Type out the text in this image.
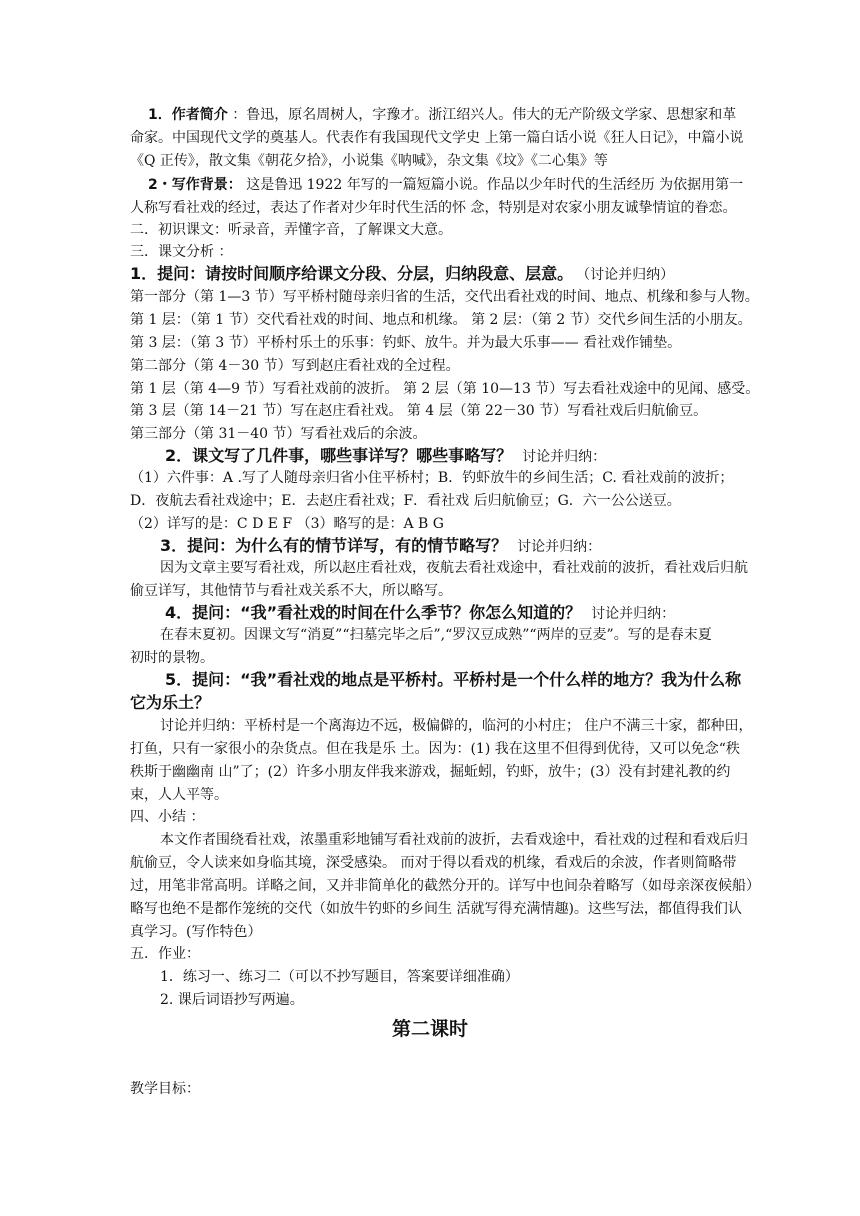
1．作者简介 ：鲁迅，原名周树人，字豫才。浙江绍兴人。伟大的无产阶级文学家、思想家和革
命家。中国现代文学的奠基人。代表作有我国现代文学史 上第一篇白话小说《狂人日记》，中篇小说
《Q 正传》，散文集《朝花夕拾》，小说集《呐喊》，杂文集《坟》《二心集》等
2・写作背景： 这是鲁迅 1922 年写的一篇短篇小说。作品以少年时代的生活经历 为依据用第一
人称写看社戏的经过，表达了作者对少年时代生活的怀 念，特别是对农家小朋友诚挚情谊的眷恋。
二．初识课文：听录音，弄懂字音，了解课文大意。
三．课文分析 ：
1．提问：请按时间顺序给课文分段、分层，归纳段意、层意。 （讨论并归纳）
第一部分（第 1—3 节）写平桥村随母亲归省的生活，交代出看社戏的时间、地点、机缘和参与人物。
第 1 层：（第 1 节）交代看社戏的时间、地点和机缘。 第 2 层：（第 2 节）交代乡间生活的小朋友。
第 3 层：（第 3 节）平桥村乐土的乐事：钓虾、放牛。并为最大乐事—— 看社戏作铺垫。
第二部分（第 4－30 节）写到赵庄看社戏的全过程。
第 1 层（第 4—9 节）写看社戏前的波折。 第 2 层（第 10—13 节）写去看社戏途中的见闻、感受。
第 3 层（第 14－21 节）写在赵庄看社戏。 第 4 层（第 22－30 节）写看社戏后归航偷豆。
第三部分（第 31－40 节）写看社戏后的余波。
2．课文写了几件事，哪些事详写？哪些事略写？ 讨论并归纳：
（1）六件事：A .写了人随母亲归省小住平桥村；B．钓虾放牛的乡间生活；C. 看社戏前的波折；
D．夜航去看社戏途中；E．去赵庄看社戏；F．看社戏 后归航偷豆；G．六一公公送豆。
（2）详写的是：C D E F （3）略写的是：A B G
3．提问：为什么有的情节详写，有的情节略写？ 讨论并归纳：
因为文章主要写看社戏，所以赵庄看社戏，夜航去看社戏途中，看社戏前的波折，看社戏后归航
偷豆详写，其他情节与看社戏关系不大，所以略写。
4．提问：“我”看社戏的时间在什么季节？你怎么知道的？ 讨论并归纳：
在春末夏初。因课文写“消夏”“扫墓完毕之后”,“罗汉豆成熟”“两岸的豆麦”。写的是春末夏
初时的景物。
5．提问：“我”看社戏的地点是平桥村。平桥村是一个什么样的地方？我为什么称
它为乐土？
讨论并归纳：平桥村是一个离海边不远，极偏僻的，临河的小村庄； 住户不满三十家，都种田，
打鱼，只有一家很小的杂货点。但在我是乐 土。因为：(1) 我在这里不但得到优待，又可以免念“秩
秩斯于幽幽南 山”了；(2）许多小朋友伴我来游戏，掘蚯蚓，钓虾，放牛；(3）没有封建礼教的约
束，人人平等。
四、小结 ：
本文作者围绕看社戏，浓墨重彩地铺写看社戏前的波折，去看戏途中，看社戏的过程和看戏后归
航偷豆，令人读来如身临其境，深受感染。 而对于得以看戏的机缘，看戏后的余波，作者则简略带
过，用笔非常高明。详略之间，又并非简单化的截然分开的。详写中也间杂着略写（如母亲深夜候船）
略写也绝不是都作笼统的交代（如放牛钓虾的乡间生 活就写得充满情趣)。这些写法，都值得我们认
真学习。(写作特色）
五．作业：
1．练习一、练习二（可以不抄写题目，答案要详细准确）
2. 课后词语抄写两遍。
第二课时
教学目标：
